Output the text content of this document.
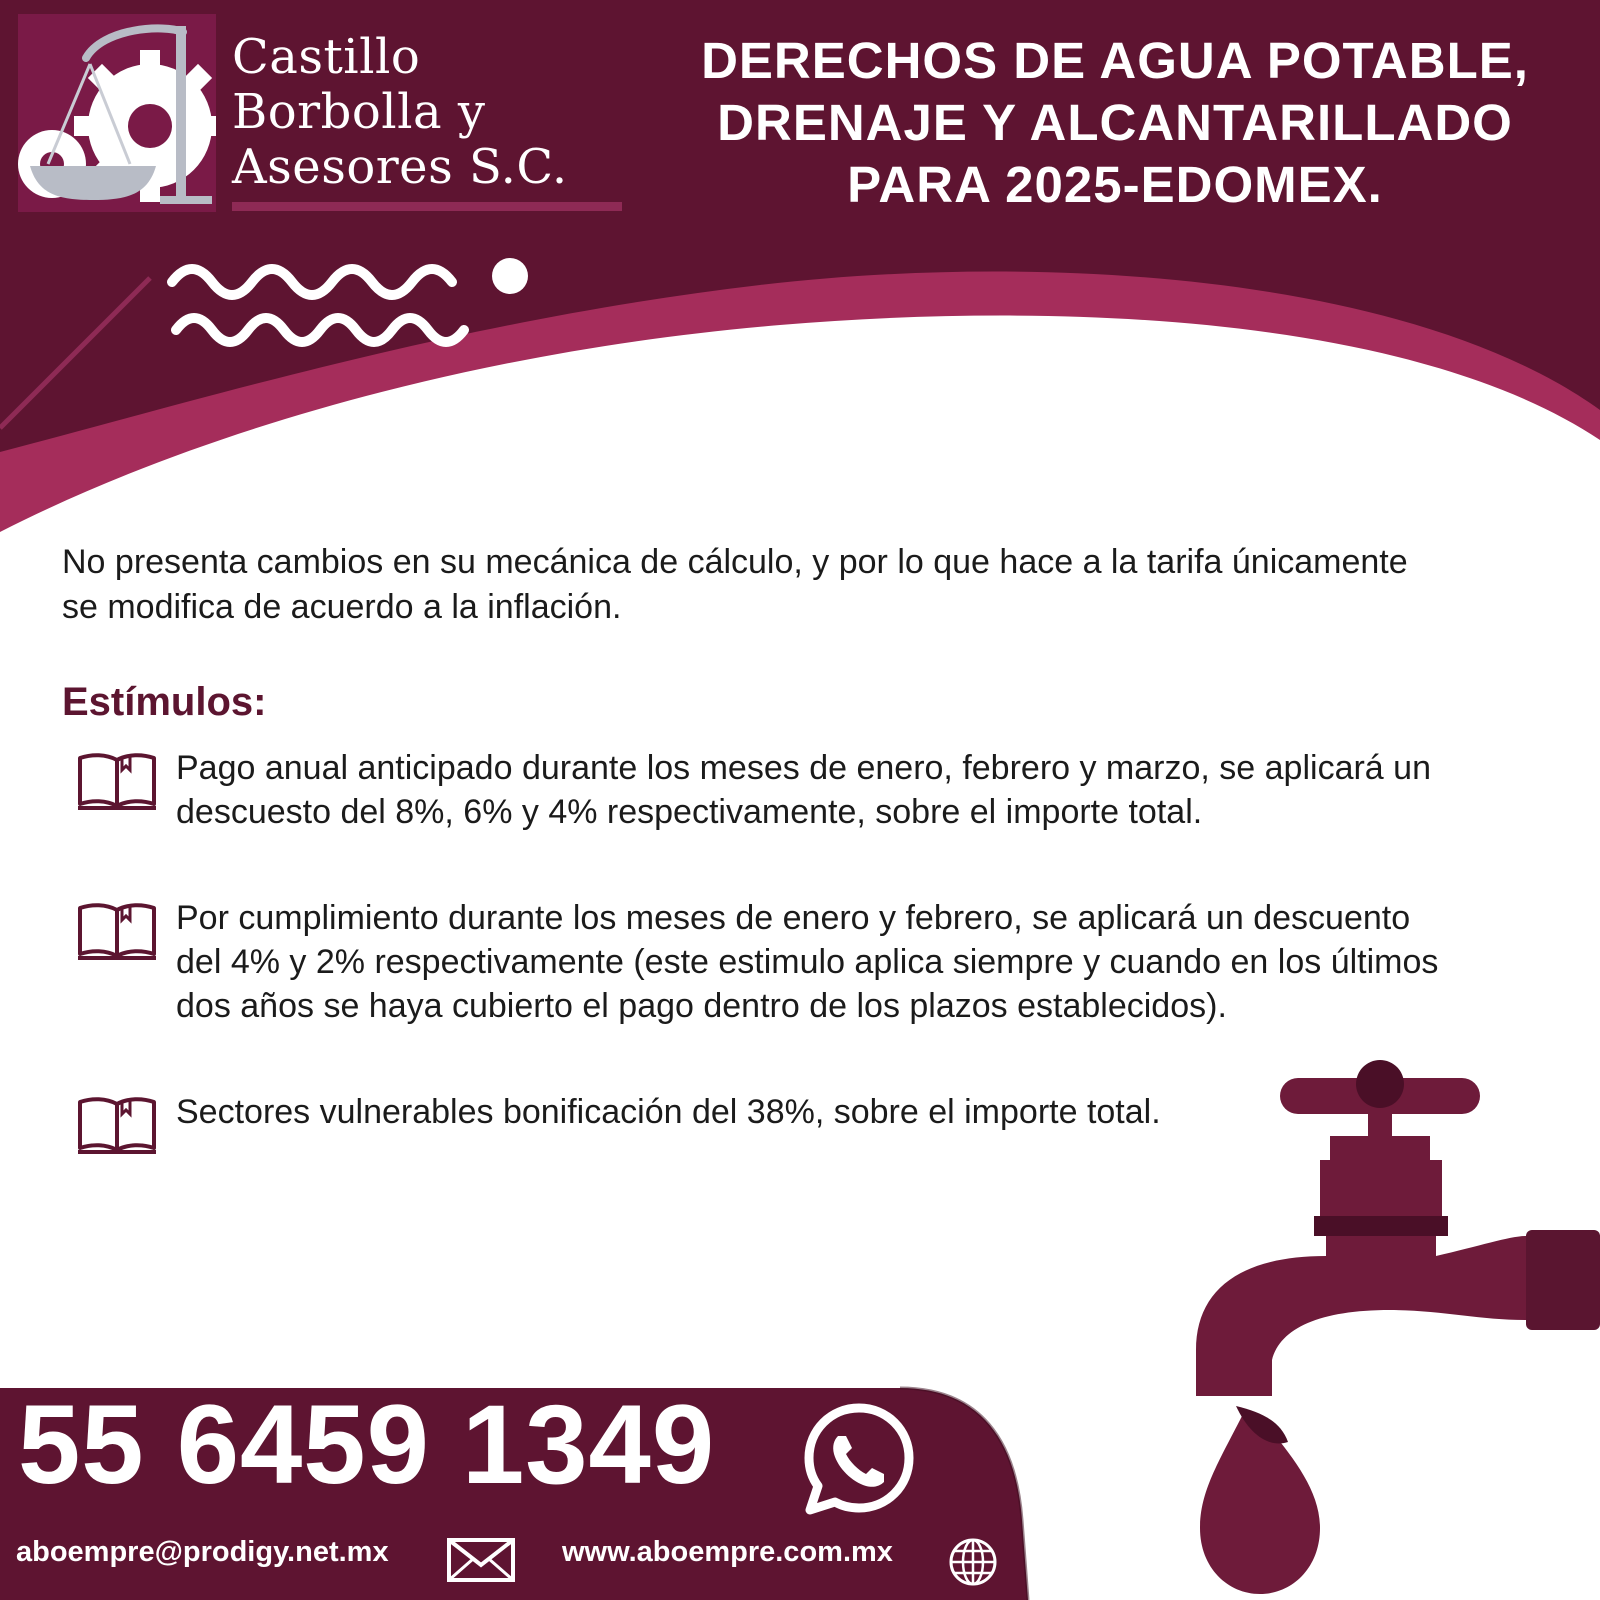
Castillo
Borbolla y
Asesores S.C.
DERECHOS DE AGUA POTABLE,
DRENAJE Y ALCANTARILLADO
PARA 2025-EDOMEX.
No presenta cambios en su mecánica de cálculo, y por lo que hace a la tarifa únicamente
se modifica de acuerdo a la inflación.
Estímulos:
Pago anual anticipado durante los meses de enero, febrero y marzo, se aplicará un
descuesto del 8%, 6% y 4% respectivamente, sobre el importe total.
Por cumplimiento durante los meses de enero y febrero, se aplicará un descuento
del 4% y 2% respectivamente (este estimulo aplica siempre y cuando en los últimos
dos años se haya cubierto el pago dentro de los plazos establecidos).
Sectores vulnerables bonificación del 38%, sobre el importe total.
55 6459 1349
aboempre@prodigy.net.mx	www.aboempre.com.mx
